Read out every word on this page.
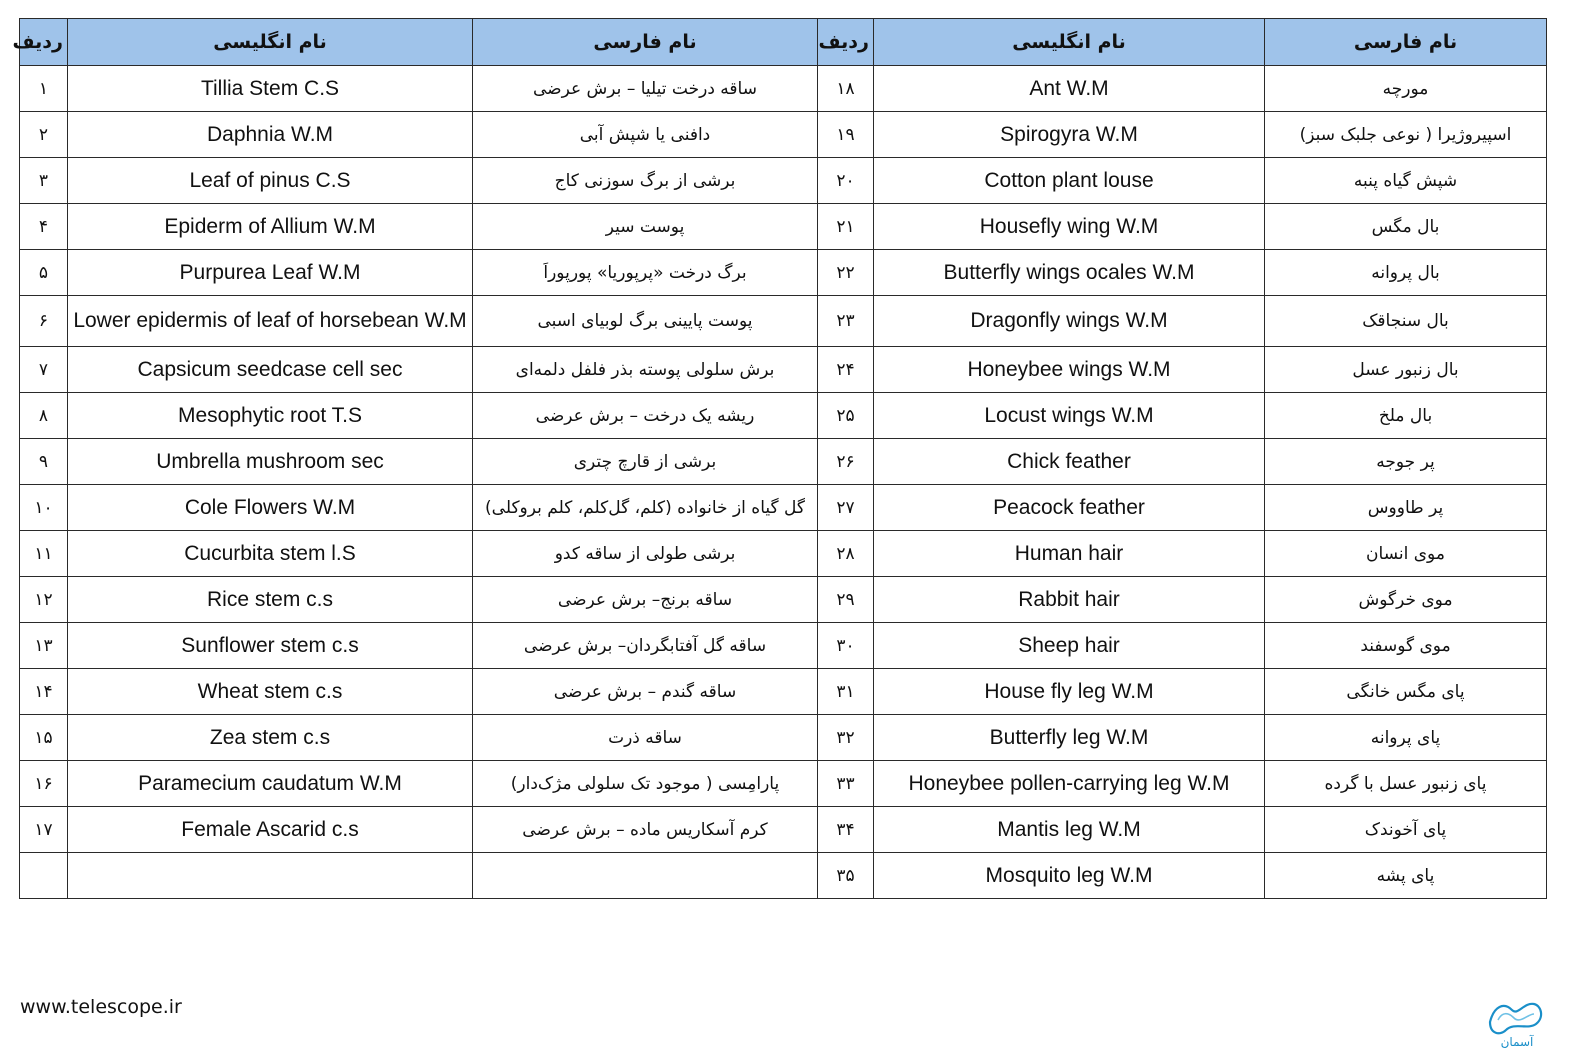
ردیف	نام انگلیسی	نام فارسی	ردیف	نام انگلیسی	نام فارسی
۱	Tillia Stem C.S	ساقه درخت تیلیا – برش عرضی	۱۸	Ant W.M	مورچه
۲	Daphnia W.M	دافنی یا شپش آبی	۱۹	Spirogyra W.M	اسپیروژیرا ( نوعی جلبک سبز)
۳	Leaf of pinus C.S	برشی از برگ سوزنی کاج	۲۰	Cotton plant louse	شپش گیاه پنبه
۴	Epiderm of Allium W.M	پوست سیر	۲۱	Housefly wing W.M	بال مگس
۵	Purpurea Leaf W.M	برگ درخت «پرپوریا» پورپوراَ	۲۲	Butterfly wings ocales W.M	بال پروانه
۶	Lower epidermis of leaf of horsebean W.M	پوست پایینی برگ لوبیای اسبی	۲۳	Dragonfly wings W.M	بال سنجاقک
۷	Capsicum seedcase cell sec	برش سلولی پوسته بذر فلفل دلمه‌ای	۲۴	Honeybee wings W.M	بال زنبور عسل
۸	Mesophytic root T.S	ریشه یک درخت – برش عرضی	۲۵	Locust wings W.M	بال ملخ
۹	Umbrella mushroom sec	برشی از قارچ چتری	۲۶	Chick feather	پر جوجه
۱۰	Cole Flowers W.M	گل گیاه از خانواده (کلم، گل‌کلم، کلم بروکلی)	۲۷	Peacock feather	پر طاووس
۱۱	Cucurbita stem l.S	برشی طولی از ساقه کدو	۲۸	Human hair	موی انسان
۱۲	Rice stem c.s	ساقه برنج– برش عرضی	۲۹	Rabbit hair	موی خرگوش
۱۳	Sunflower stem c.s	ساقه گل آفتابگردان– برش عرضی	۳۰	Sheep hair	موی گوسفند
۱۴	Wheat stem c.s	ساقه گندم – برش عرضی	۳۱	House fly leg W.M	پای مگس خانگی
۱۵	Zea stem c.s	ساقه ذرت	۳۲	Butterfly leg W.M	پای پروانه
۱۶	Paramecium caudatum W.M	پارامِسی ( موجود تک سلولی مژک‌دار)	۳۳	Honeybee pollen-carrying leg W.M	پای زنبور عسل با گرده
۱۷	Female Ascarid c.s	کرم آسکاریس ماده – برش عرضی	۳۴	Mantis leg W.M	پای آخوندک
			۳۵	Mosquito leg W.M	پای پشه
www.telescope.ir
آسمان
